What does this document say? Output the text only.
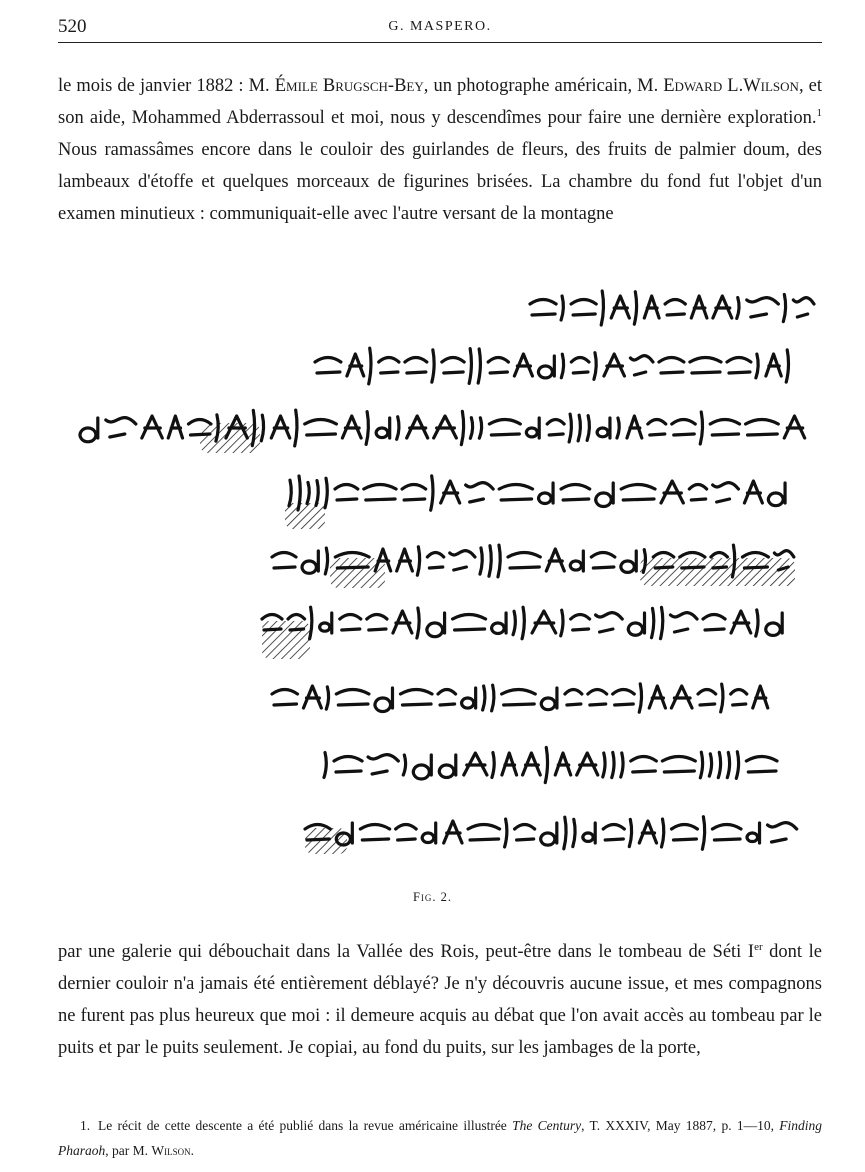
520	G. MASPERO.
le mois de janvier 1882 : M. Émile Brugsch-Bey, un photographe américain, M. Edward L.Wilson, et son aide, Mohammed Abderrassoul et moi, nous y descendîmes pour faire une dernière exploration.$^1$ Nous ramassâmes encore dans le couloir des guirlandes de fleurs, des fruits de palmier doum, des lambeaux d'étoffe et quelques morceaux de figurines brisées. La chambre du fond fut l'objet d'un examen minutieux : communiquait-elle avec l'autre versant de la montagne
Fig. 2.
par une galerie qui débouchait dans la Vallée des Rois, peut-être dans le tombeau de Séti Ier dont le dernier couloir n'a jamais été entièrement déblayé? Je n'y découvris aucune issue, et mes compagnons ne furent pas plus heureux que moi : il demeure acquis au débat que l'on avait accès au tombeau par le puits et par le puits seulement. Je copiai, au fond du puits, sur les jambages de la porte,
1. Le récit de cette descente a été publié dans la revue américaine illustrée The Century, T. XXXIV, May 1887, p. 1—10, Finding Pharaoh, par M. Wilson.
